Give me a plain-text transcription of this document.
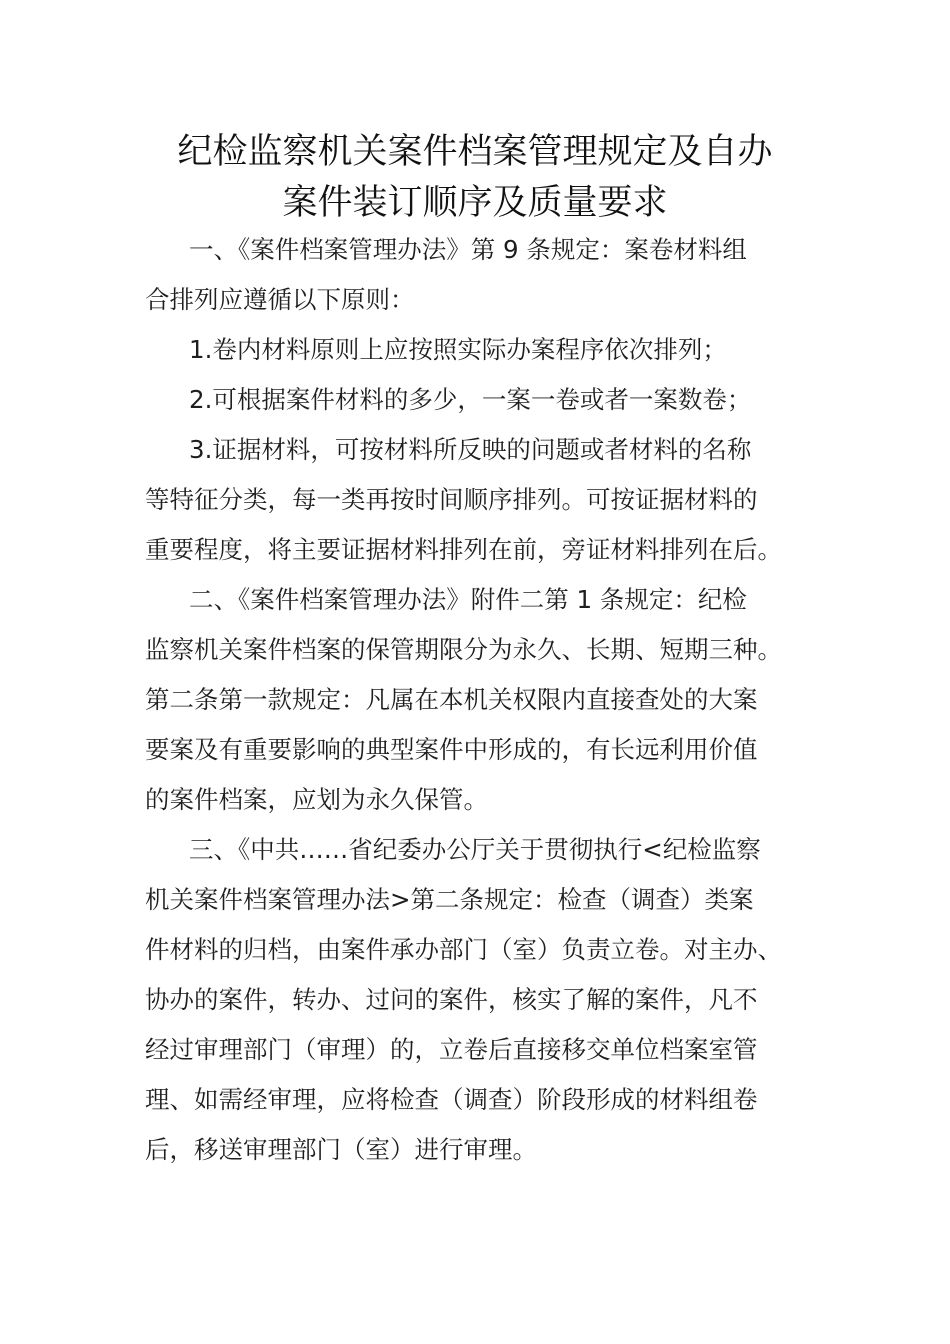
纪检监察机关案件档案管理规定及自办
案件装订顺序及质量要求
一、《案件档案管理办法》第 9 条规定：案卷材料组
合排列应遵循以下原则：
1.卷内材料原则上应按照实际办案程序依次排列；
2.可根据案件材料的多少，一案一卷或者一案数卷；
3.证据材料，可按材料所反映的问题或者材料的名称
等特征分类，每一类再按时间顺序排列。可按证据材料的
重要程度，将主要证据材料排列在前，旁证材料排列在后。
二、《案件档案管理办法》附件二第 1 条规定：纪检
监察机关案件档案的保管期限分为永久、长期、短期三种。
第二条第一款规定：凡属在本机关权限内直接查处的大案
要案及有重要影响的典型案件中形成的，有长远利用价值
的案件档案，应划为永久保管。
三、《中共……省纪委办公厅关于贯彻执行<纪检监察
机关案件档案管理办法>第二条规定：检查（调查）类案
件材料的归档，由案件承办部门（室）负责立卷。对主办、
协办的案件，转办、过问的案件，核实了解的案件，凡不
经过审理部门（审理）的，立卷后直接移交单位档案室管
理、如需经审理，应将检查（调查）阶段形成的材料组卷
后，移送审理部门（室）进行审理。
